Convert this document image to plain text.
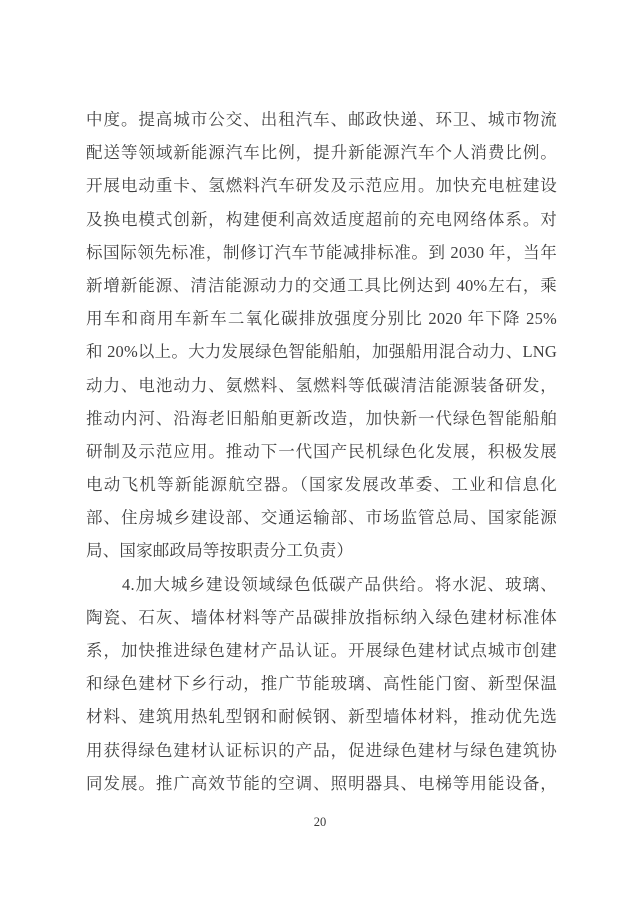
中度。提高城市公交、出租汽车、邮政快递、环卫、城市物流
配送等领域新能源汽车比例，提升新能源汽车个人消费比例。
开展电动重卡、氢燃料汽车研发及示范应用。加快充电桩建设
及换电模式创新，构建便利高效适度超前的充电网络体系。对
标国际领先标准，制修订汽车节能减排标准。到 2030 年，当年
新增新能源、清洁能源动力的交通工具比例达到 40%左右，乘
用车和商用车新车二氧化碳排放强度分别比 2020 年下降 25%
和 20%以上。大力发展绿色智能船舶，加强船用混合动力、LNG
动力、电池动力、氨燃料、氢燃料等低碳清洁能源装备研发，
推动内河、沿海老旧船舶更新改造，加快新一代绿色智能船舶
研制及示范应用。推动下一代国产民机绿色化发展，积极发展
电动飞机等新能源航空器。（国家发展改革委、工业和信息化
部、住房城乡建设部、交通运输部、市场监管总局、国家能源
局、国家邮政局等按职责分工负责）
4.加大城乡建设领域绿色低碳产品供给。将水泥、玻璃、
陶瓷、石灰、墙体材料等产品碳排放指标纳入绿色建材标准体
系，加快推进绿色建材产品认证。开展绿色建材试点城市创建
和绿色建材下乡行动，推广节能玻璃、高性能门窗、新型保温
材料、建筑用热轧型钢和耐候钢、新型墙体材料，推动优先选
用获得绿色建材认证标识的产品，促进绿色建材与绿色建筑协
同发展。推广高效节能的空调、照明器具、电梯等用能设备，
20
